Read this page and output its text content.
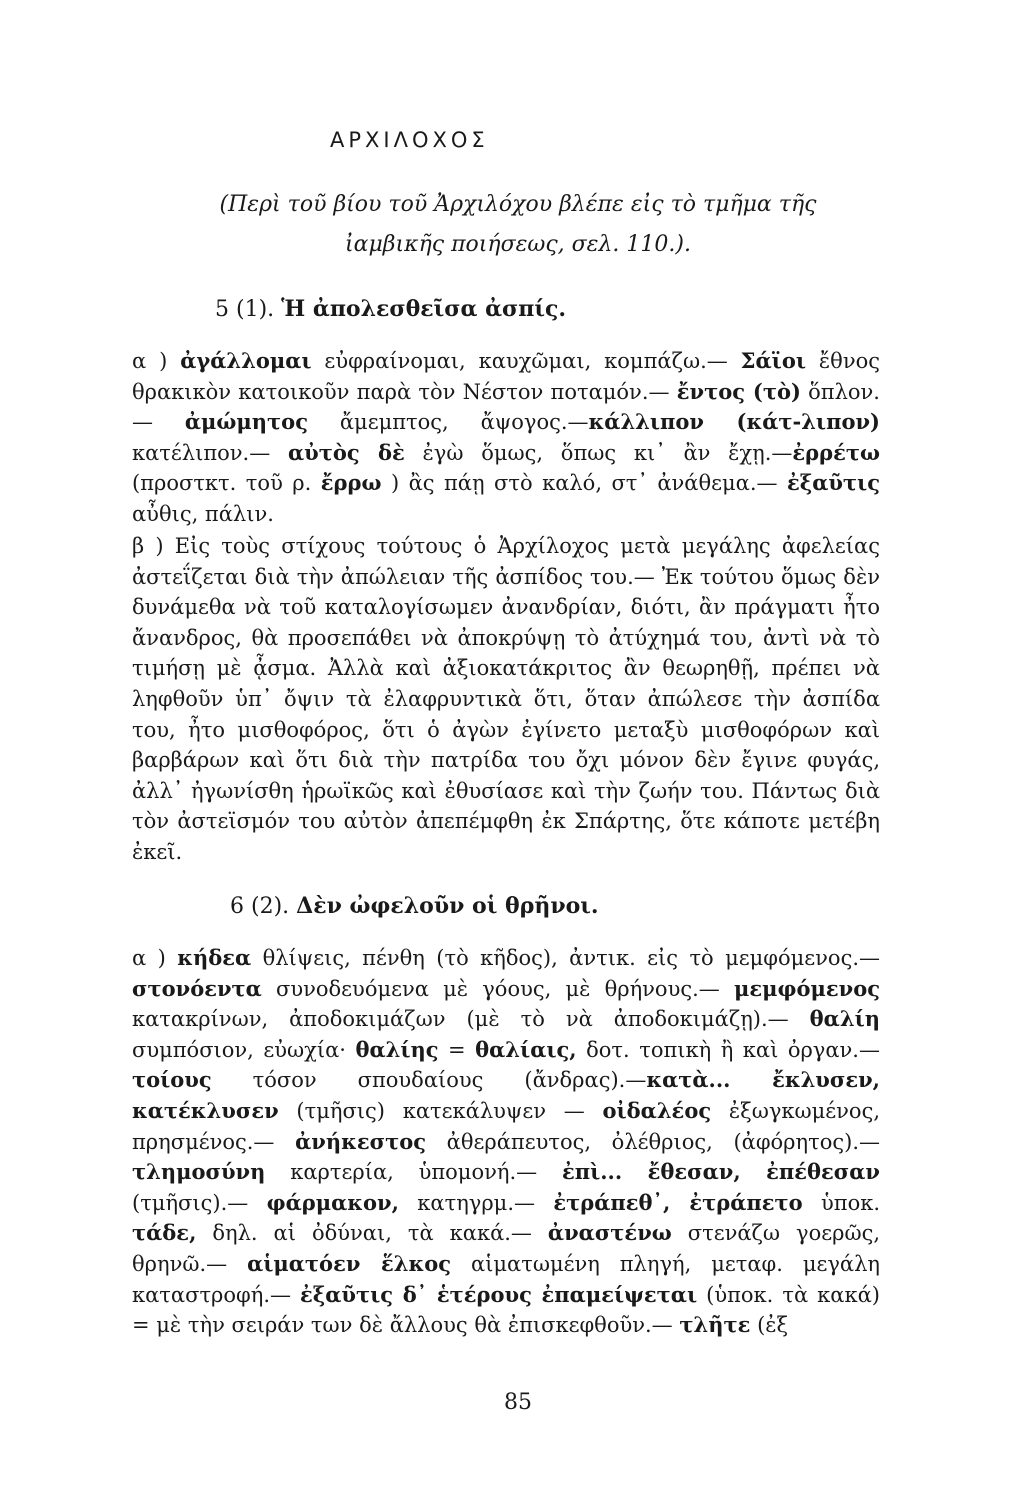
ΑΡΧΙΛΟΧΟΣ
(Περὶ τοῦ βίου τοῦ Ἀρχιλόχου βλέπε εἰς τὸ τμῆμα τῆς
ἰαμβικῆς ποιήσεως, σελ. 110.).
5 (1). Ἡ ἀπολεσθεῖσα ἀσπίς.
α ) ἀγάλλομαι εὐφραίνομαι, καυχῶμαι, κομπάζω.— Σάϊοι ἔθνος θρακικὸν κατοικοῦν παρὰ τὸν Νέστον ποταμόν.— ἔντος (τὸ) ὅπλον.— ἀμώμητος ἄμεμπτος, ἄψογος.—κάλλιπον (κάτ-λιπον) κατέλιπον.— αὐτὸς δὲ ἐγὼ ὅμως, ὅπως κι᾽ ἂν ἔχῃ.—ἐρρέτω (προστκτ. τοῦ ρ. ἔρρω ) ἂς πάῃ στὸ καλό, στ᾽ ἀνάθεμα.— ἐξαῦτις αὖθις, πάλιν.
β ) Εἰς τοὺς στίχους τούτους ὁ Ἀρχίλοχος μετὰ μεγάλης ἀφελείας ἀστεΐζεται διὰ τὴν ἀπώλειαν τῆς ἀσπίδος του.— Ἐκ τούτου ὅμως δὲν δυνάμεθα νὰ τοῦ καταλογίσωμεν ἀνανδρίαν, διότι, ἂν πράγματι ἦτο ἄνανδρος, θὰ προσεπάθει νὰ ἀποκρύψῃ τὸ ἀτύχημά του, ἀντὶ νὰ τὸ τιμήσῃ μὲ ᾆσμα. Ἀλλὰ καὶ ἀξιοκατάκριτος ἂν θεωρηθῇ, πρέπει νὰ ληφθοῦν ὑπ᾽ ὄψιν τὰ ἐλαφρυντικὰ ὅτι, ὅταν ἀπώλεσε τὴν ἀσπίδα του, ἦτο μισθοφόρος, ὅτι ὁ ἀγὼν ἐγίνετο μεταξὺ μισθοφόρων καὶ βαρβάρων καὶ ὅτι διὰ τὴν πατρίδα του ὄχι μόνον δὲν ἔγινε φυγάς, ἀλλ᾽ ἠγωνίσθη ἡρωϊκῶς καὶ ἐθυσίασε καὶ τὴν ζωήν του. Πάντως διὰ τὸν ἀστεϊσμόν του αὐτὸν ἀπεπέμφθη ἐκ Σπάρτης, ὅτε κάποτε μετέβη ἐκεῖ.
6 (2). Δὲν ὠφελοῦν οἱ θρῆνοι.
α ) κήδεα θλίψεις, πένθη (τὸ κῆδος), ἀντικ. εἰς τὸ μεμφόμενος.— στονόεντα συνοδευόμενα μὲ γόους, μὲ θρήνους.— μεμφόμενος κατακρίνων, ἀποδοκιμάζων (μὲ τὸ νὰ ἀποδοκιμάζῃ).— θαλίη συμπόσιον, εὐωχία· θαλίης = θαλίαις, δοτ. τοπικὴ ἢ καὶ ὀργαν.— τοίους τόσον σπουδαίους (ἄνδρας).—κατὰ... ἔκλυσεν, κατέκλυσεν (τμῆσις) κατεκάλυψεν — οἰδαλέος ἐξωγκωμένος, πρησμένος.— ἀνήκεστος ἀθεράπευτος, ὀλέθριος, (ἀφόρητος).— τλημοσύνη καρτερία, ὑπομονή.— ἐπὶ... ἔθεσαν, ἐπέθεσαν (τμῆσις).— φάρμακον, κατηγρμ.— ἐτράπεθ᾽, ἐτράπετο ὑποκ. τάδε, δηλ. αἱ ὀδύναι, τὰ κακά.— ἀναστένω στενάζω γοερῶς, θρηνῶ.— αἱματόεν ἕλκος αἱματωμένη πληγή, μεταφ. μεγάλη καταστροφή.— ἐξαῦτις δ᾽ ἑτέρους ἐπαμείψεται (ὑποκ. τὰ κακά) = μὲ τὴν σειράν των δὲ ἄλλους θὰ ἐπισκεφθοῦν.— τλῆτε (ἐξ
85
